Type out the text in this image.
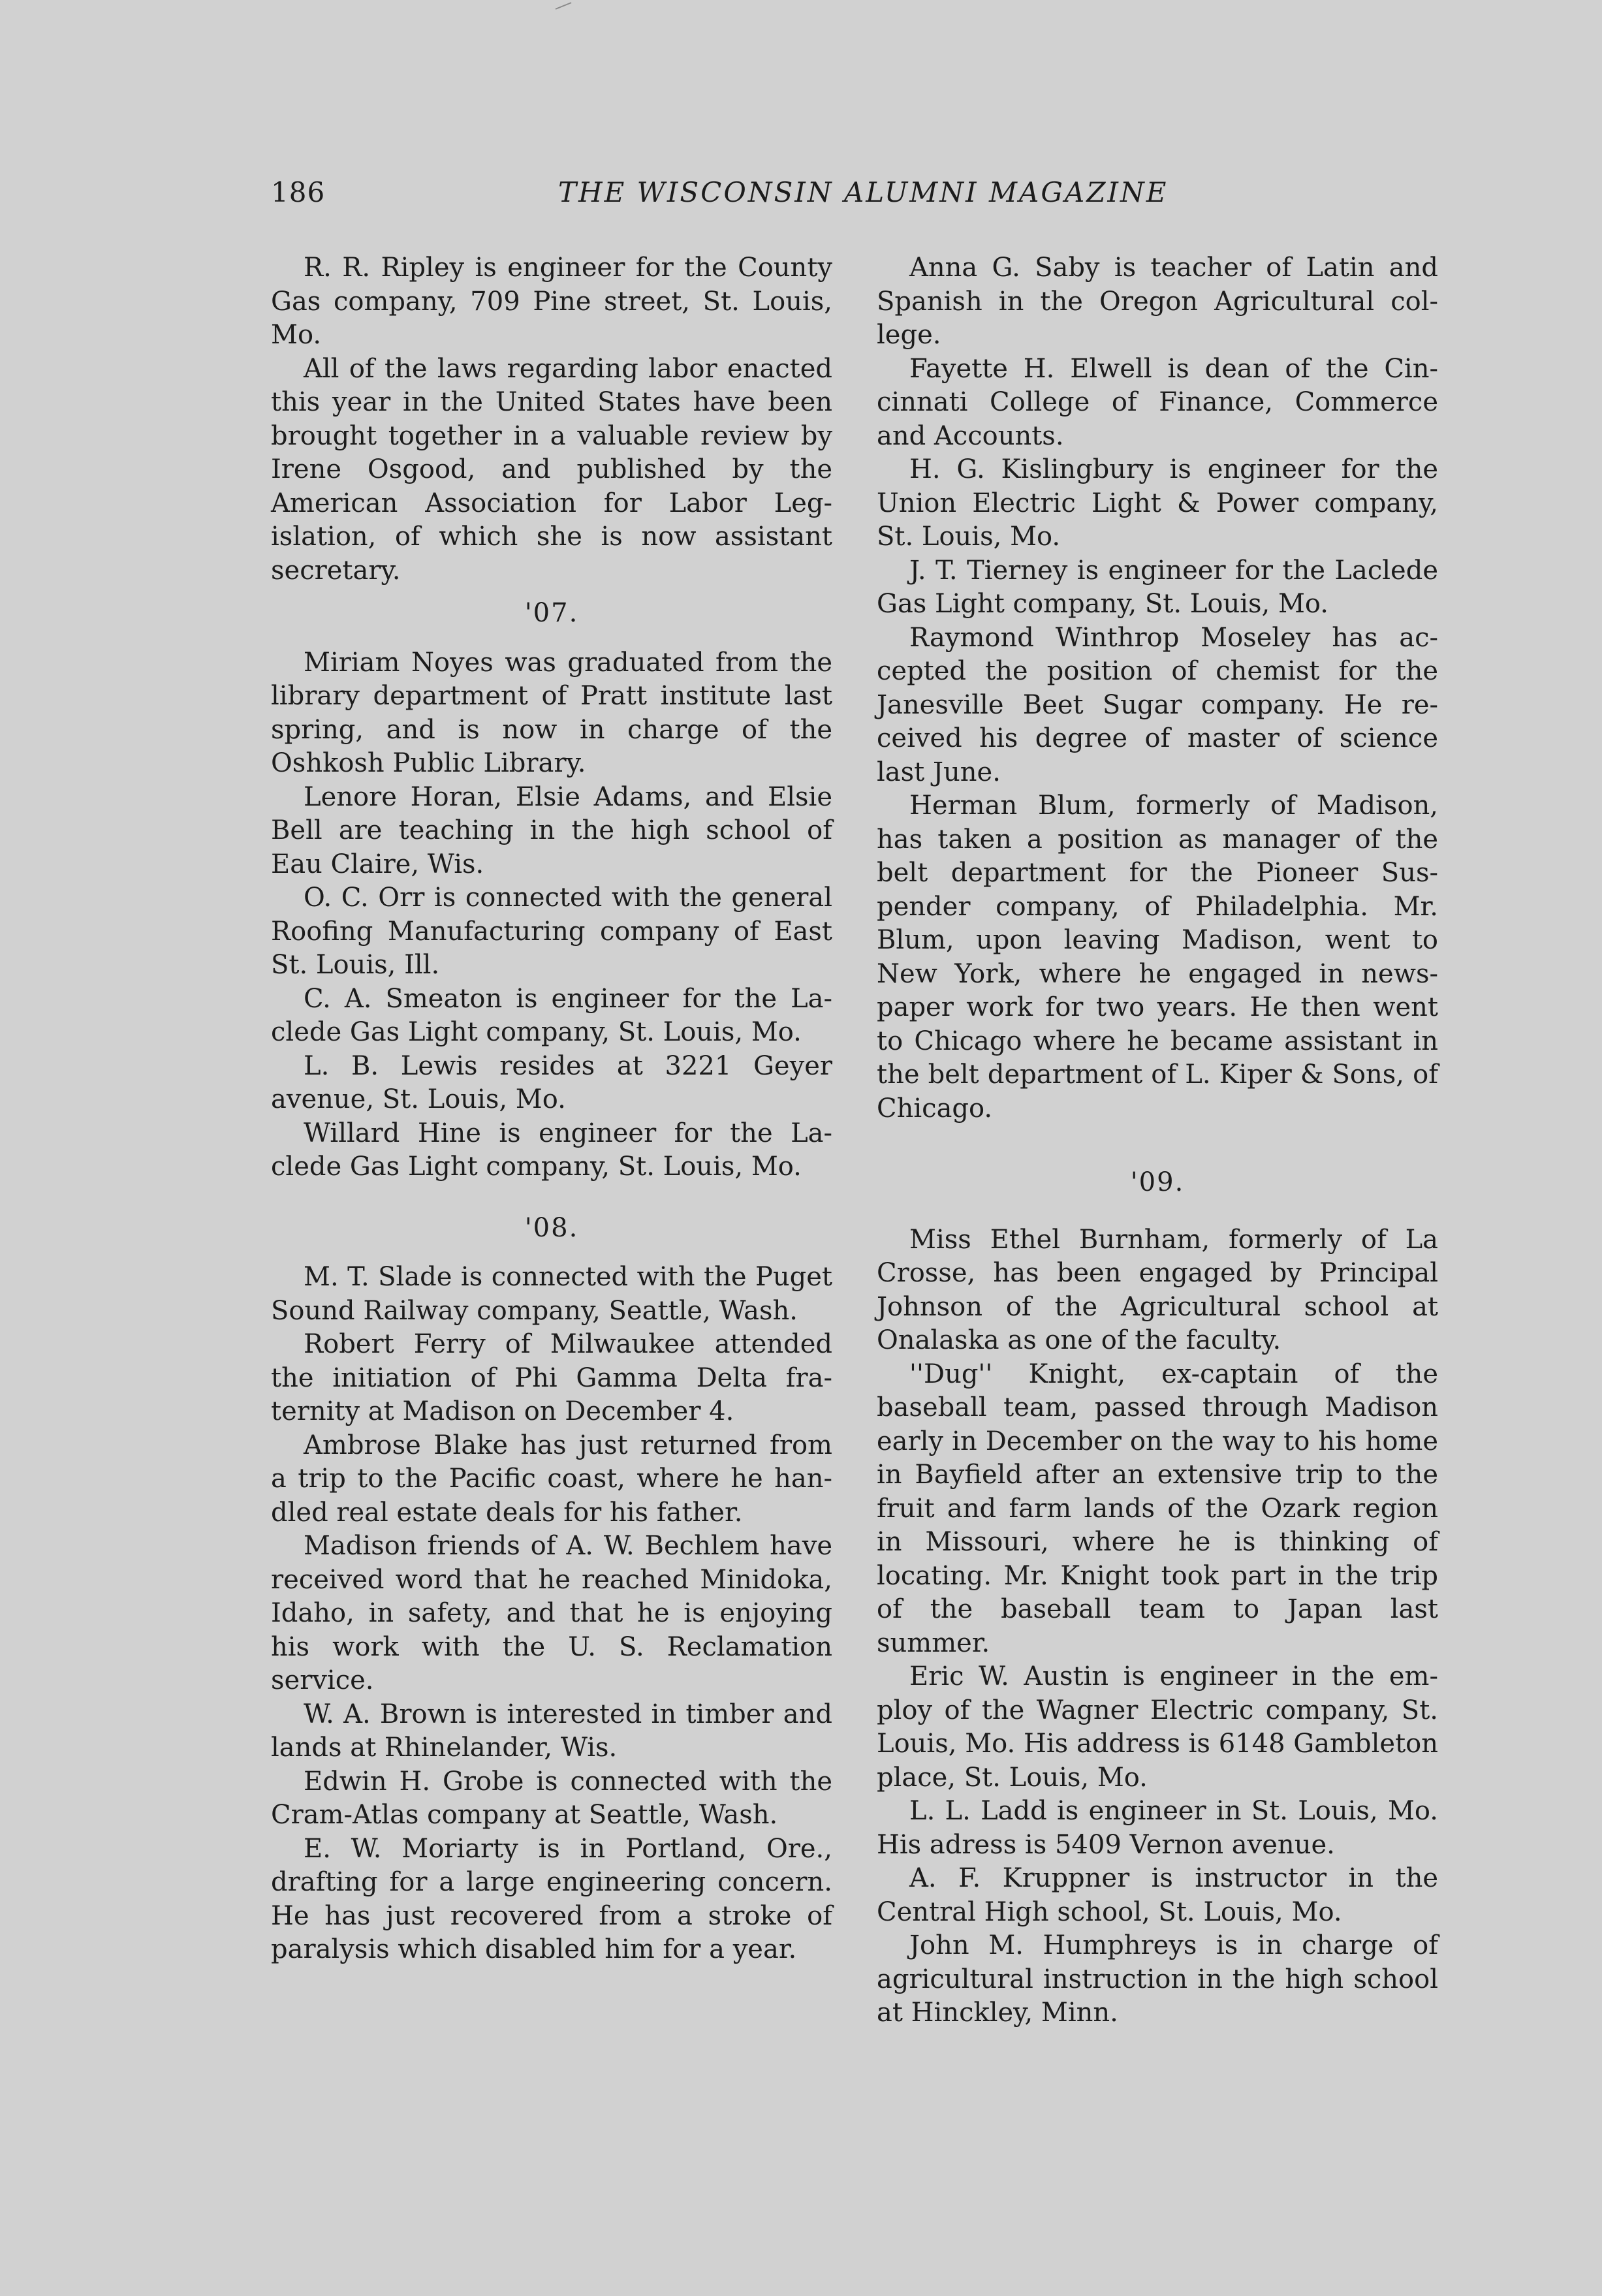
186	THE WISCONSIN ALUMNI MAGAZINE

R. R. Ripley is engineer for the County Gas company, 709 Pine street, St. Louis, Mo.

All of the laws regarding labor enacted this year in the United States have been brought together in a valuable review by Irene Osgood, and published by the American Association for Labor Legislation, of which she is now assistant secretary.

'07.

Miriam Noyes was graduated from the library department of Pratt institute last spring, and is now in charge of the Oshkosh Public Library.

Lenore Horan, Elsie Adams, and Elsie Bell are teaching in the high school of Eau Claire, Wis.

O. C. Orr is connected with the general Roofing Manufacturing company of East St. Louis, Ill.

C. A. Smeaton is engineer for the Laclede Gas Light company, St. Louis, Mo.

L. B. Lewis resides at 3221 Geyer avenue, St. Louis, Mo.

Willard Hine is engineer for the Laclede Gas Light company, St. Louis, Mo.

'08.

M. T. Slade is connected with the Puget Sound Railway company, Seattle, Wash.

Robert Ferry of Milwaukee attended the initiation of Phi Gamma Delta fraternity at Madison on December 4.

Ambrose Blake has just returned from a trip to the Pacific coast, where he handled real estate deals for his father.

Madison friends of A. W. Bechlem have received word that he reached Minidoka, Idaho, in safety, and that he is enjoying his work with the U. S. Reclamation service.

W. A. Brown is interested in timber and lands at Rhinelander, Wis.

Edwin H. Grobe is connected with the Cram-Atlas company at Seattle, Wash.

E. W. Moriarty is in Portland, Ore., drafting for a large engineering concern. He has just recovered from a stroke of paralysis which disabled him for a year.

Anna G. Saby is teacher of Latin and Spanish in the Oregon Agricultural college.

Fayette H. Elwell is dean of the Cincinnati College of Finance, Commerce and Accounts.

H. G. Kislingbury is engineer for the Union Electric Light & Power company, St. Louis, Mo.

J. T. Tierney is engineer for the Laclede Gas Light company, St. Louis, Mo.

Raymond Winthrop Moseley has accepted the position of chemist for the Janesville Beet Sugar company. He received his degree of master of science last June.

Herman Blum, formerly of Madison, has taken a position as manager of the belt department for the Pioneer Suspender company, of Philadelphia. Mr. Blum, upon leaving Madison, went to New York, where he engaged in newspaper work for two years. He then went to Chicago where he became assistant in the belt department of L. Kiper & Sons, of Chicago.

'09.

Miss Ethel Burnham, formerly of La Crosse, has been engaged by Principal Johnson of the Agricultural school at Onalaska as one of the faculty.

''Dug'' Knight, ex-captain of the baseball team, passed through Madison early in December on the way to his home in Bayfield after an extensive trip to the fruit and farm lands of the Ozark region in Missouri, where he is thinking of locating. Mr. Knight took part in the trip of the baseball team to Japan last summer.

Eric W. Austin is engineer in the employ of the Wagner Electric company, St. Louis, Mo. His address is 6148 Gambleton place, St. Louis, Mo.

L. L. Ladd is engineer in St. Louis, Mo. His adress is 5409 Vernon avenue.

A. F. Kruppner is instructor in the Central High school, St. Louis, Mo.

John M. Humphreys is in charge of agricultural instruction in the high school at Hinckley, Minn.
